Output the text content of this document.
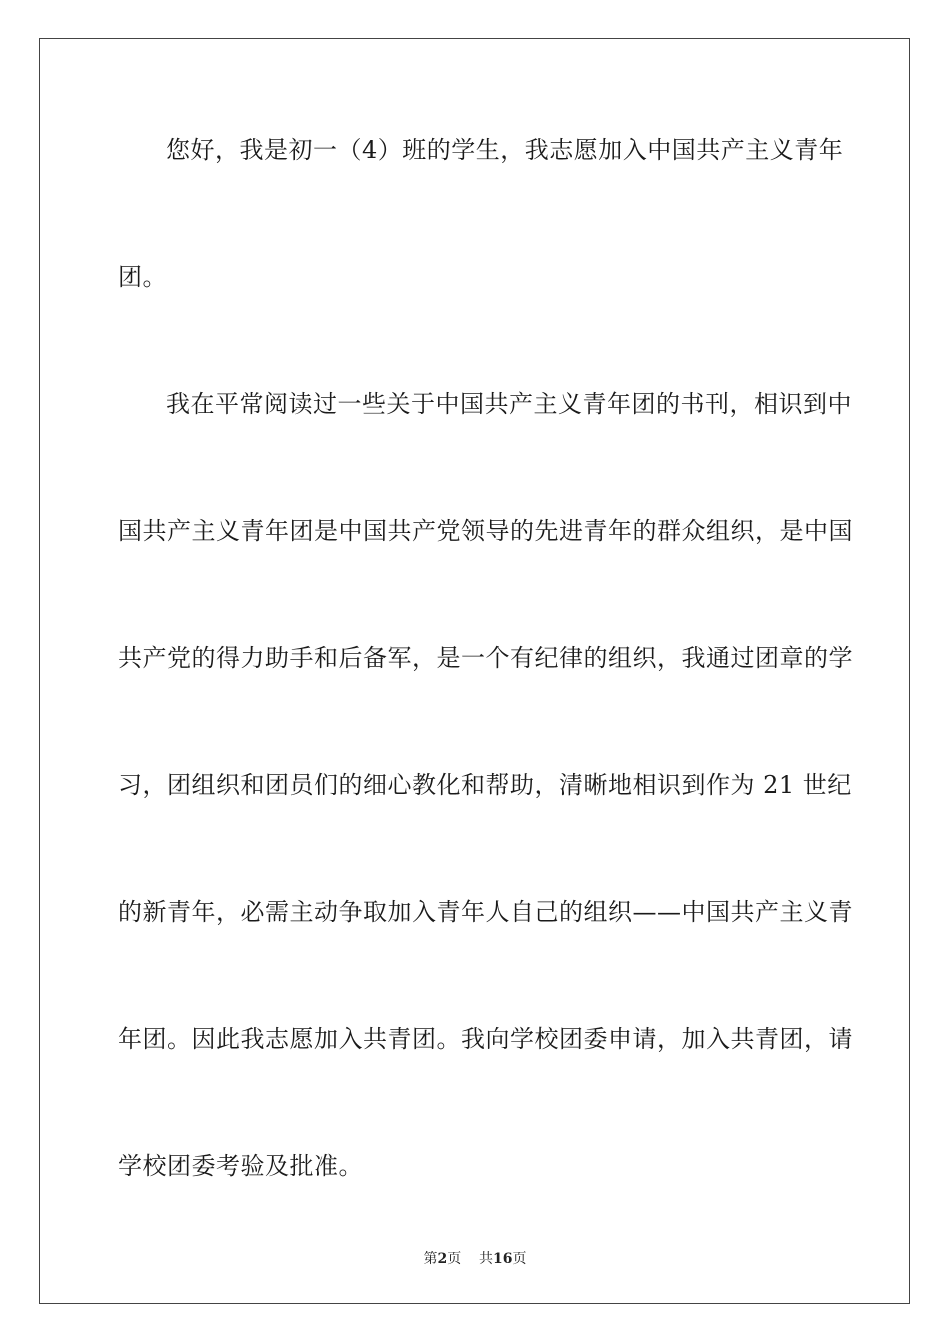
您好，我是初一（4）班的学生，我志愿加入中国共产主义青年
团。
我在平常阅读过一些关于中国共产主义青年团的书刊，相识到中
国共产主义青年团是中国共产党领导的先进青年的群众组织，是中国
共产党的得力助手和后备军，是一个有纪律的组织，我通过团章的学
习，团组织和团员们的细心教化和帮助，清晰地相识到作为 21 世纪
的新青年，必需主动争取加入青年人自己的组织——中国共产主义青
年团。因此我志愿加入共青团。我向学校团委申请，加入共青团，请
学校团委考验及批准。
第2页 共16页
